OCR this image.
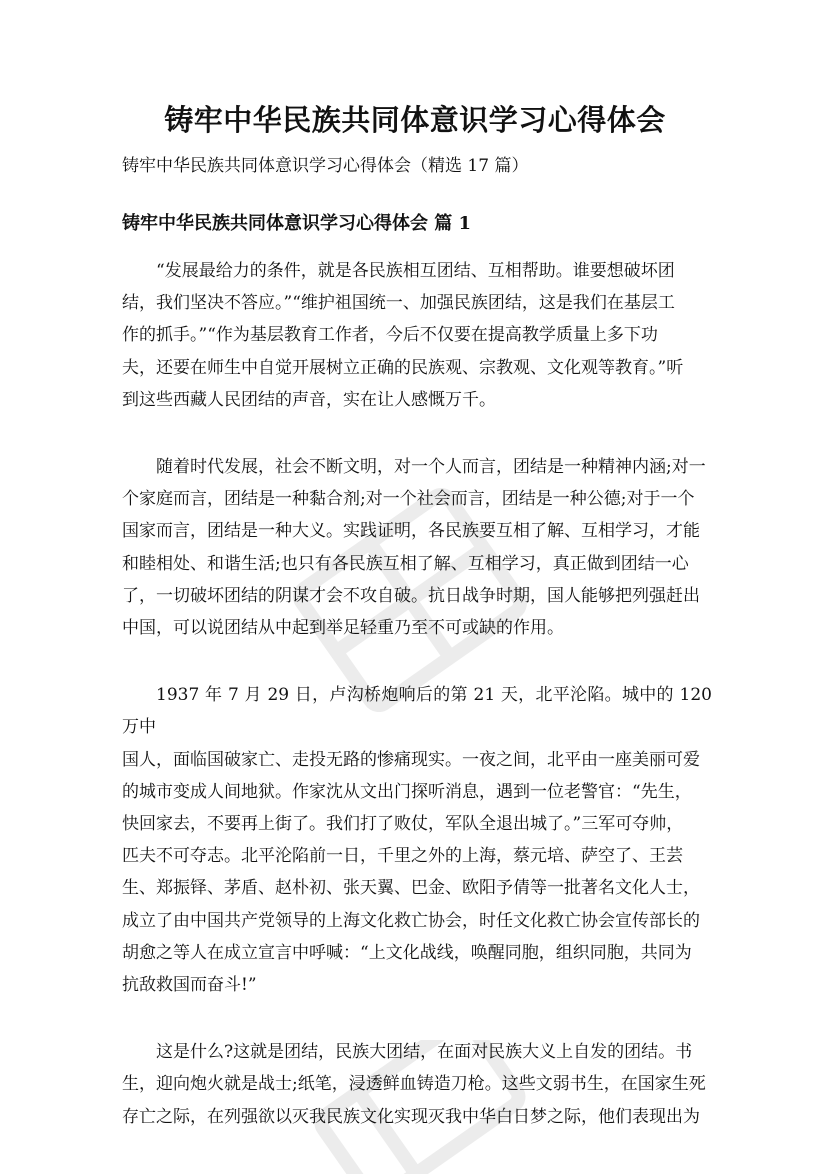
铸牢中华民族共同体意识学习心得体会

铸牢中华民族共同体意识学习心得体会（精选 17 篇）

铸牢中华民族共同体意识学习心得体会 篇 1

“发展最给力的条件，就是各民族相互团结、互相帮助。谁要想破坏团
结，我们坚决不答应。”“维护祖国统一、加强民族团结，这是我们在基层工
作的抓手。”“作为基层教育工作者，今后不仅要在提高教学质量上多下功
夫，还要在师生中自觉开展树立正确的民族观、宗教观、文化观等教育。”听
到这些西藏人民团结的声音，实在让人感慨万千。

随着时代发展，社会不断文明，对一个人而言，团结是一种精神内涵;对一
个家庭而言，团结是一种黏合剂;对一个社会而言，团结是一种公德;对于一个
国家而言，团结是一种大义。实践证明，各民族要互相了解、互相学习，才能
和睦相处、和谐生活;也只有各民族互相了解、互相学习，真正做到团结一心
了，一切破坏团结的阴谋才会不攻自破。抗日战争时期，国人能够把列强赶出
中国，可以说团结从中起到举足轻重乃至不可或缺的作用。

1937 年 7 月 29 日，卢沟桥炮响后的第 21 天，北平沦陷。城中的 120 万中
国人，面临国破家亡、走投无路的惨痛现实。一夜之间，北平由一座美丽可爱
的城市变成人间地狱。作家沈从文出门探听消息，遇到一位老警官：“先生，
快回家去，不要再上街了。我们打了败仗，军队全退出城了。”三军可夺帅，
匹夫不可夺志。北平沦陷前一日，千里之外的上海，蔡元培、萨空了、王芸
生、郑振铎、茅盾、赵朴初、张天翼、巴金、欧阳予倩等一批著名文化人士，
成立了由中国共产党领导的上海文化救亡协会，时任文化救亡协会宣传部长的
胡愈之等人在成立宣言中呼喊：“上文化战线，唤醒同胞，组织同胞，共同为
抗敌救国而奋斗!”

这是什么?这就是团结，民族大团结，在面对民族大义上自发的团结。书
生，迎向炮火就是战士;纸笔，浸透鲜血铸造刀枪。这些文弱书生，在国家生死
存亡之际，在列强欲以灭我民族文化实现灭我中华白日梦之际，他们表现出为
